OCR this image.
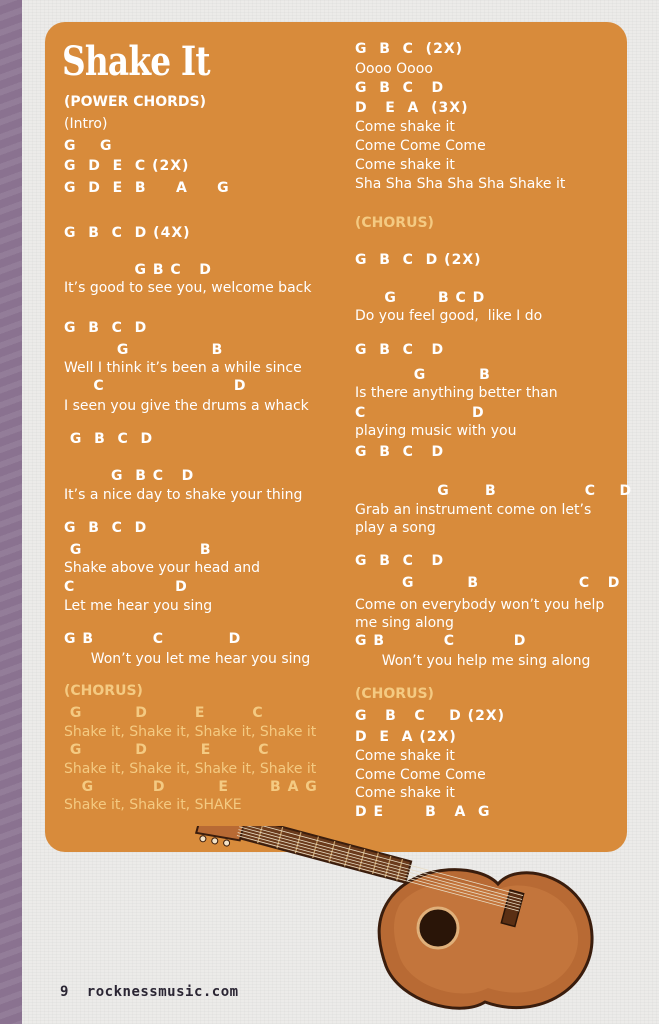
Shake It

(POWER CHORDS)

(Intro)

G    G

G  D  E  C (2X)

G  D  E  B     A     G

G  B  C  D (4X)

G B C   D

It’s good to see you, welcome back

G  B  C  D

G              B

Well I think it’s been a while since

C                      D

I seen you give the drums a whack

G  B  C  D

G  B C   D

It’s a nice day to shake your thing

G  B  C  D

G                    B

Shake above your head and

C                 D

Let me hear you sing

G B          C           D

Won’t you let me hear you sing

(CHORUS)

G         D        E        C

Shake it, Shake it, Shake it, Shake it

G         D         E        C

Shake it, Shake it, Shake it, Shake it

G          D         E       B A G

Shake it, Shake it, SHAKE

G  B  C  (2X)

Oooo Oooo

G  B  C   D

D   E  A  (3X)

Come shake it

Come Come Come

Come shake it

Sha Sha Sha Sha Sha Shake it

(CHORUS)

G  B  C  D (2X)

G       B C D

Do you feel good,  like I do

G  B  C   D

G         B

Is there anything better than

C                  D

playing music with you

G  B  C   D

G      B               C    D

Grab an instrument come on let’s

play a song

G  B  C   D

G         B                 C   D

Come on everybody won’t you help

me sing along

G B          C          D

Won’t you help me sing along

(CHORUS)

G   B   C    D (2X)

D  E  A (2X)

Come shake it

Come Come Come

Come shake it

D E       B   A  G

9 rocknessmusic.com
